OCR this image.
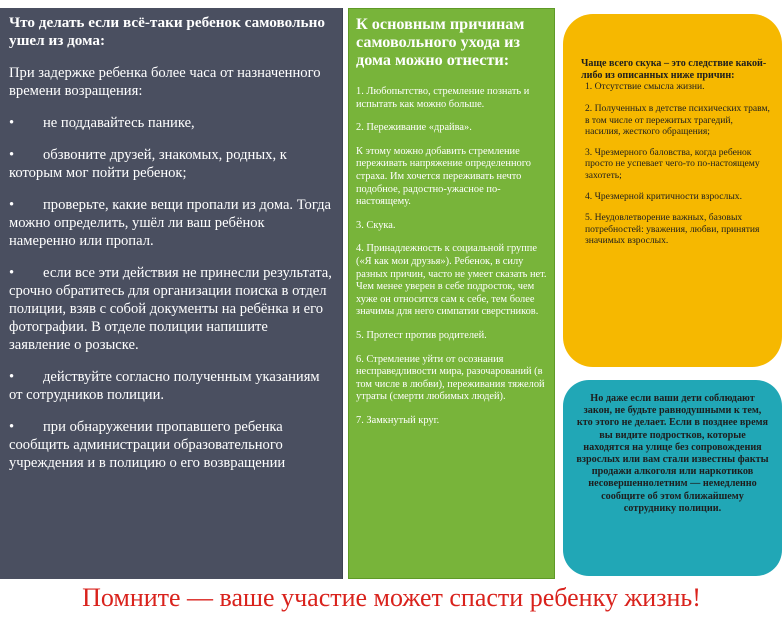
Что делать если всё-таки ребенок самовольно ушел из дома:
При задержке ребенка более часа от назначенного времени возращения:
• не поддавайтесь панике,
• обзвоните друзей, знакомых, родных, к которым мог пойти ребенок;
• проверьте, какие вещи пропали из дома. Тогда можно определить, ушёл ли ваш ребёнок намеренно или пропал.
• если все эти действия не принесли результата, срочно обратитесь для организации поиска в отдел полиции, взяв с собой документы на ребёнка и его фотографии. В отделе полиции напишите заявление о розыске.
• действуйте согласно полученным указаниям от сотрудников полиции.
• при обнаружении пропавшего ребенка сообщить администрации образовательного учреждения и в полицию о его возвращении
К основным причинам самовольного ухода из дома можно отнести:
1. Любопытство, стремление познать и испытать как можно больше.
2. Переживание «драйва».
К этому можно добавить стремление переживать напряжение определенного страха. Им хочется переживать нечто подобное, радостно-ужасное по-настоящему.
3. Скука.
4. Принадлежность к социальной группе («Я как мои друзья»). Ребенок, в силу разных причин, часто не умеет сказать нет. Чем менее уверен в себе подросток, чем хуже он относится сам к себе, тем более значимы для него симпатии сверстников.
5. Протест против родителей.
6. Стремление уйти от осознания несправедливости мира, разочарований (в том числе в любви), переживания тяжелой утраты (смерти любимых людей).
7. Замкнутый круг.
Чаще всего скука – это следствие какой-либо из описанных ниже причин:
1. Отсутствие смысла жизни.
2. Полученных в детстве психических травм, в том числе от пережитых трагедий, насилия, жесткого обращения;
3. Чрезмерного баловства, когда ребенок просто не успевает чего-то по-настоящему захотеть;
4. Чрезмерной критичности взрослых.
5. Неудовлетворение важных, базовых потребностей: уважения, любви, принятия значимых взрослых.
Но даже если ваши дети соблюдают закон, не будьте равнодушными к тем, кто этого не делает. Если в позднее время вы видите подростков, которые находятся на улице без сопровождения взрослых или вам стали известны факты продажи алкоголя или наркотиков несовершеннолетним — немедленно сообщите об этом ближайшему сотруднику полиции.
Помните — ваше участие может спасти ребенку жизнь!
